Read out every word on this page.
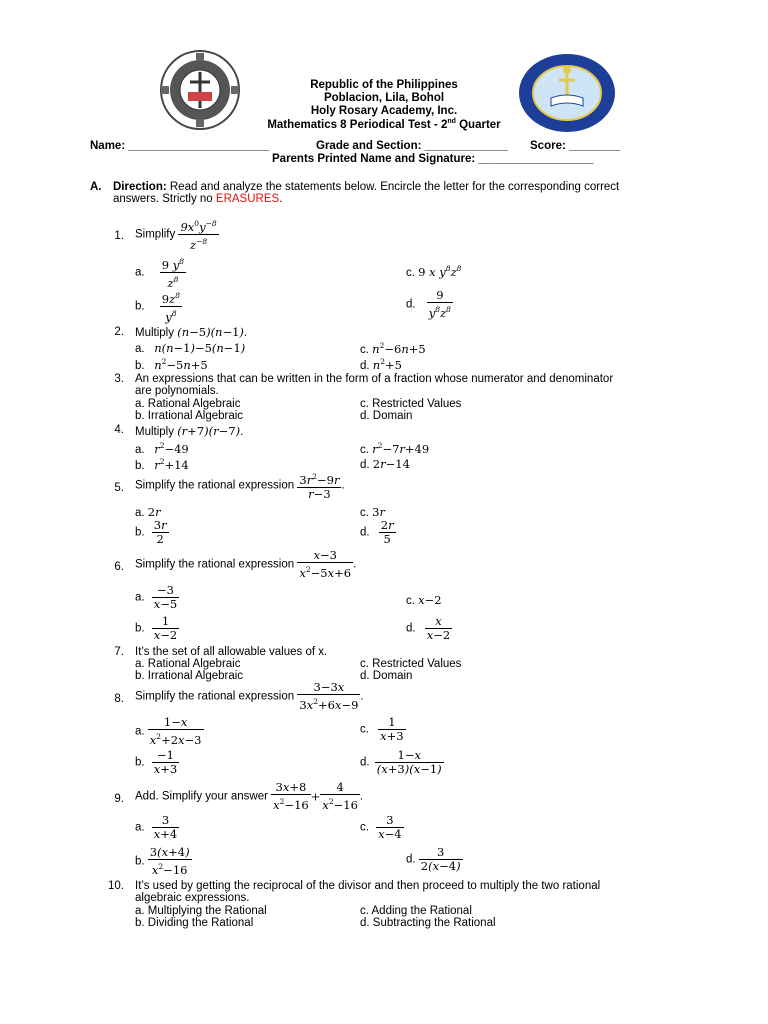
Republic of the Philippines
Poblacion, Lila, Bohol
Holy Rosary Academy, Inc.
Mathematics 8 Periodical Test - 2nd Quarter
Name: ______________________	Grade and Section: _____________ Score: ________
Parents Printed Name and Signature: __________________
A. Direction: Read and analyze the statements below. Encircle the letter for the corresponding correct
answers. Strictly no ERASURES.
1. Simplify $\frac{9x^0y^{-8}}{z^{-8}}$
a. $\frac{9 y^8}{z^8}$	c. 9 x $y^8z^8$
b. $\frac{9z^8}{y^8}$	d. $\frac{9}{y^8z^8}$
2. Multiply (n−5)(n−1).
a. n(n−1)−5(n−1)	c. $n^2-6n+5$
b. $n^2-5n+5$	d. $n^2+5$
3. An expressions that can be written in the form of a fraction whose numerator and denominator
are polynomials.
a. Rational Algebraic	c. Restricted Values
b. Irrational Algebraic	d. Domain
4. Multiply (r+7)(r−7).
a. $r^2-49$	c. $r^2-7r+49$
b. $r^2+14$	d. 2r−14
5. Simplify the rational expression $\frac{3r^2-9r}{r-3}$ .
a. 2r	c. 3r
b. $\frac{3r}{2}$	d. $\frac{2r}{5}$
6. Simplify the rational expression $\frac{x-3}{x^2-5x+6}$ .
a. $\frac{-3}{x-5}$	c. x−2
b. $\frac{1}{x-2}$	d. $\frac{x}{x-2}$
7. It’s the set of all allowable values of x.
a. Rational Algebraic	c. Restricted Values
b. Irrational Algebraic	d. Domain
8. Simplify the rational expression $\frac{3-3x}{3x^2+6x-9}$ .
a. $\frac{1-x}{x^2+2x-3}$	c. $\frac{1}{x+3}$
b. $\frac{-1}{x+3}$	d. $\frac{1-x}{(x+3)(x-1)}$
9. Add. Simplify your answer $\frac{3x+8}{x^2-16} + \frac{4}{x^2-16}$ .
a. $\frac{3}{x+4}$	c. $\frac{3}{x-4}$
b. $\frac{3(x+4)}{x^2-16}$	d. $\frac{3}{2(x-4)}$
10. It’s used by getting the reciprocal of the divisor and then proceed to multiply the two rational
algebraic expressions.
a. Multiplying the Rational	c. Adding the Rational
b. Dividing the Rational	d. Subtracting the Rational
